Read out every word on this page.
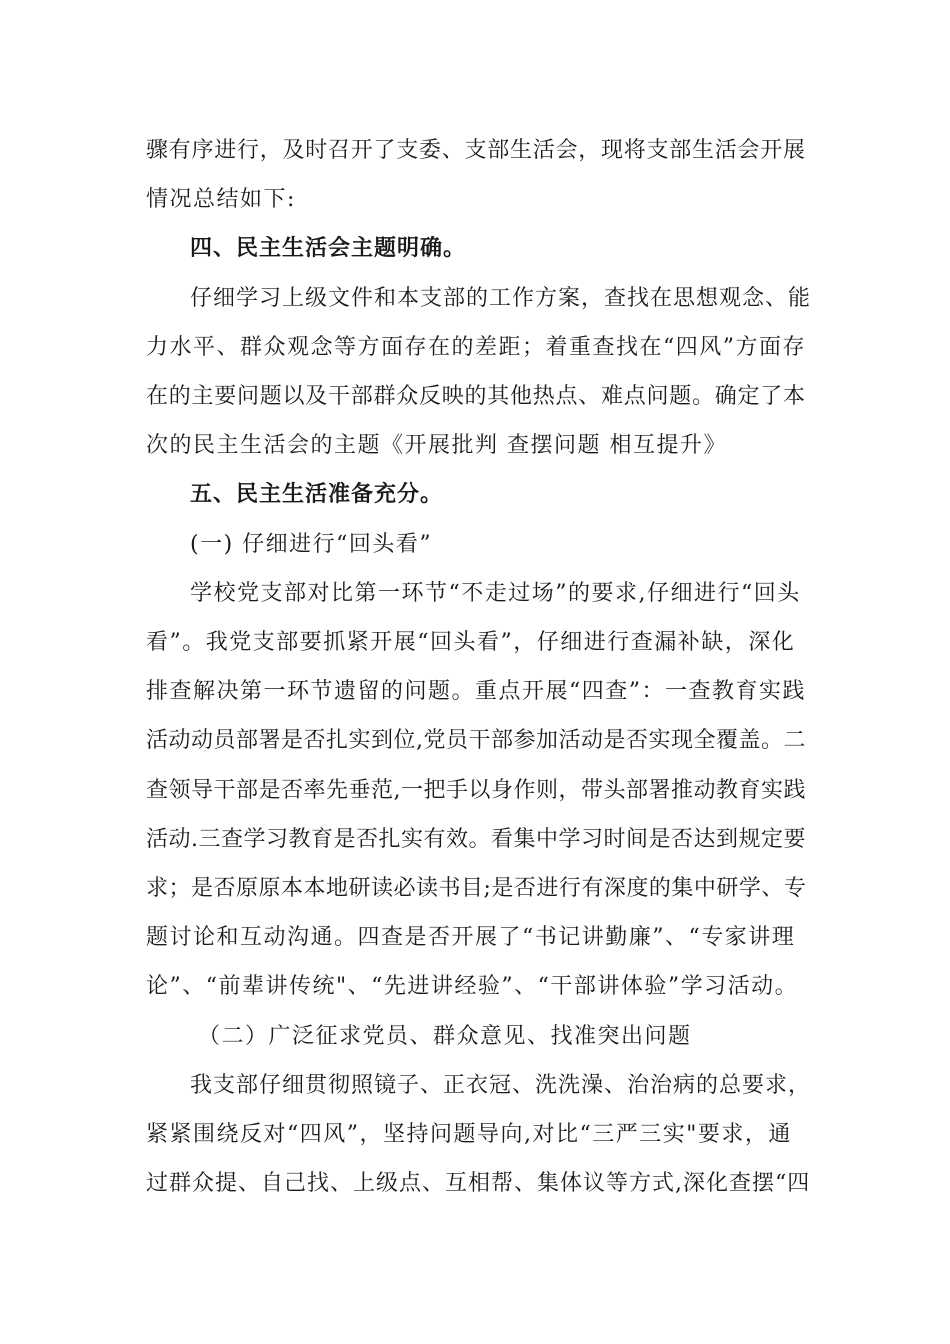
骤有序进行，及时召开了支委、支部生活会，现将支部生活会开展
情况总结如下:
四、民主生活会主题明确。
仔细学习上级文件和本支部的工作方案，查找在思想观念、能
力水平、群众观念等方面存在的差距；着重查找在“四风”方面存
在的主要问题以及干部群众反映的其他热点、难点问题。确定了本
次的民主生活会的主题《开展批判 查摆问题 相互提升》
五、民主生活准备充分。
(一) 仔细进行“回头看”
学校党支部对比第一环节“不走过场”的要求,仔细进行“回头
看”。我党支部要抓紧开展“回头看”，仔细进行查漏补缺，深化
排查解决第一环节遗留的问题。重点开展“四查”：一查教育实践
活动动员部署是否扎实到位,党员干部参加活动是否实现全覆盖。二
查领导干部是否率先垂范,一把手以身作则，带头部署推动教育实践
活动.三查学习教育是否扎实有效。看集中学习时间是否达到规定要
求；是否原原本本地研读必读书目;是否进行有深度的集中研学、专
题讨论和互动沟通。四查是否开展了“书记讲勤廉”、“专家讲理
论”、“前辈讲传统"、“先进讲经验”、“干部讲体验”学习活动。
（二）广泛征求党员、群众意见、找准突出问题
我支部仔细贯彻照镜子、正衣冠、洗洗澡、治治病的总要求，
紧紧围绕反对“四风”，坚持问题导向,对比“三严三实"要求，通
过群众提、自己找、上级点、互相帮、集体议等方式,深化查摆“四
